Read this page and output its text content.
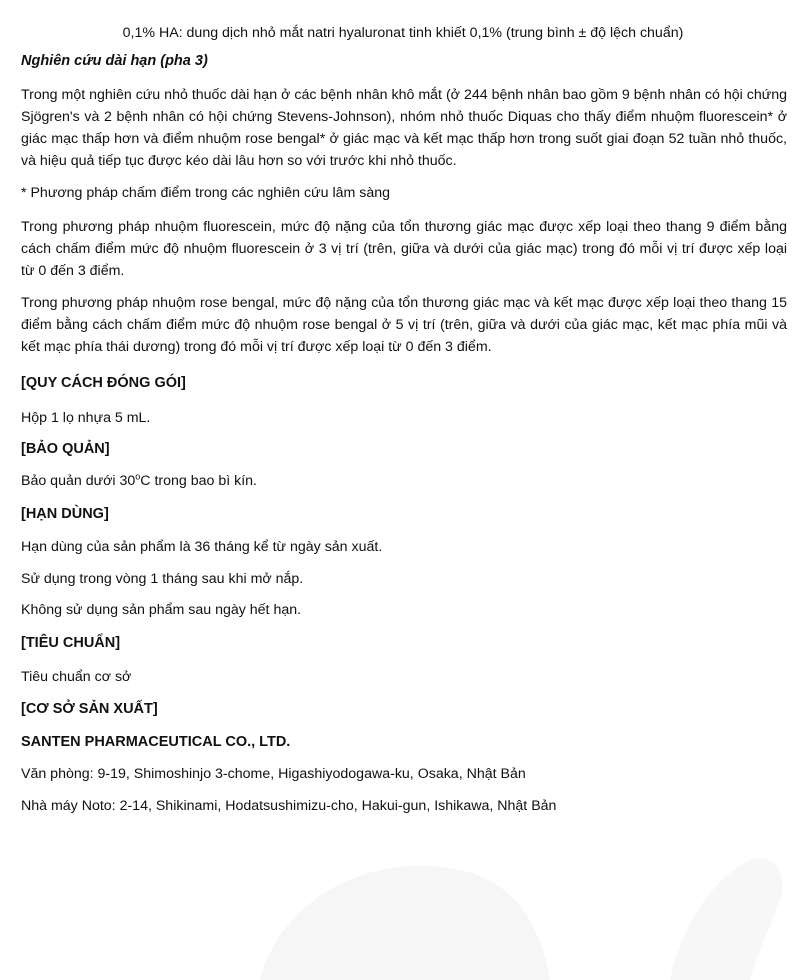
0,1% HA: dung dịch nhỏ mắt natri hyaluronat tinh khiết 0,1% (trung bình ± độ lệch chuẩn)
Nghiên cứu dài hạn (pha 3)
Trong một nghiên cứu nhỏ thuốc dài hạn ở các bệnh nhân khô mắt (ở 244 bệnh nhân bao gồm 9 bệnh nhân có hội chứng Sjögren's và 2 bệnh nhân có hội chứng Stevens-Johnson), nhóm nhỏ thuốc Diquas cho thấy điểm nhuộm fluorescein* ở giác mạc thấp hơn và điểm nhuộm rose bengal* ở giác mạc và kết mạc thấp hơn trong suốt giai đoạn 52 tuần nhỏ thuốc, và hiệu quả tiếp tục được kéo dài lâu hơn so với trước khi nhỏ thuốc.
* Phương pháp chấm điểm trong các nghiên cứu lâm sàng
Trong phương pháp nhuộm fluorescein, mức độ nặng của tổn thương giác mạc được xếp loại theo thang 9 điểm bằng cách chấm điểm mức độ nhuộm fluorescein ở 3 vị trí (trên, giữa và dưới của giác mạc) trong đó mỗi vị trí được xếp loại từ 0 đến 3 điểm.
Trong phương pháp nhuộm rose bengal, mức độ nặng của tổn thương giác mạc và kết mạc được xếp loại theo thang 15 điểm bằng cách chấm điểm mức độ nhuộm rose bengal ở 5 vị trí (trên, giữa và dưới của giác mạc, kết mạc phía mũi và kết mạc phía thái dương) trong đó mỗi vị trí được xếp loại từ 0 đến 3 điểm.
[QUY CÁCH ĐÓNG GÓI]
Hộp 1 lọ nhựa 5 mL.
[BẢO QUẢN]
Bảo quản dưới 30$^o$C trong bao bì kín.
[HẠN DÙNG]
Hạn dùng của sản phẩm là 36 tháng kể từ ngày sản xuất.
Sử dụng trong vòng 1 tháng sau khi mở nắp.
Không sử dụng sản phẩm sau ngày hết hạn.
[TIÊU CHUẨN]
Tiêu chuẩn cơ sở
[CƠ SỞ SẢN XUẤT]
SANTEN PHARMACEUTICAL CO., LTD.
Văn phòng: 9-19, Shimoshinjo 3-chome, Higashiyodogawa-ku, Osaka, Nhật Bản
Nhà máy Noto: 2-14, Shikinami, Hodatsushimizu-cho, Hakui-gun, Ishikawa, Nhật Bản
